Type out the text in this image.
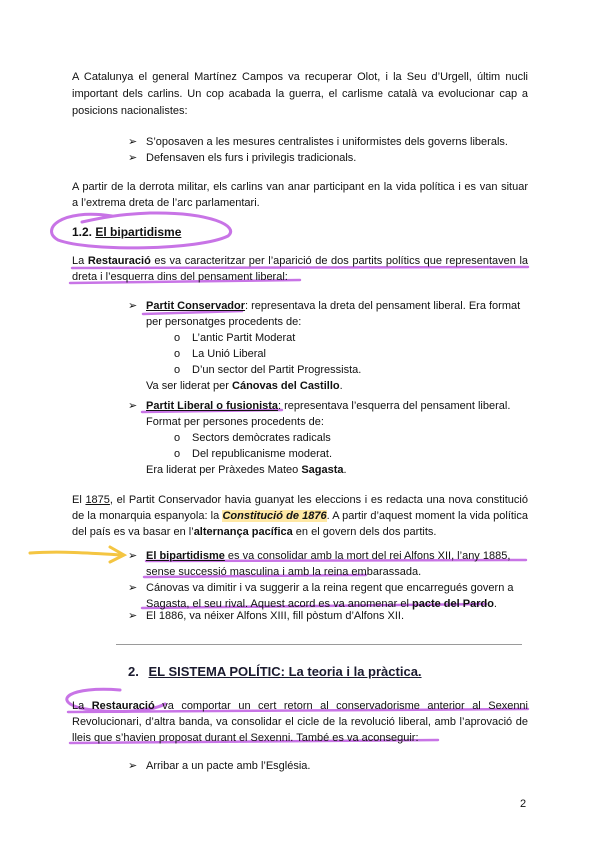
A Catalunya el general Martínez Campos va recuperar Olot, i la Seu d’Urgell, últim nucli
important dels carlins. Un cop acabada la guerra, el carlisme català va evolucionar cap a
posicions nacionalistes:
➢ S’oposaven a les mesures centralistes i uniformistes dels governs liberals.
➢ Defensaven els furs i privilegis tradicionals.
A partir de la derrota militar, els carlins van anar participant en la vida política i es van situar
a l’extrema dreta de l’arc parlamentari.
1.2. El bipartidisme
La Restauració es va caracteritzar per l’aparició de dos partits polítics que representaven la
dreta i l’esquerra dins del pensament liberal:
➢ Partit Conservador: representava la dreta del pensament liberal. Era format
per personatges procedents de:
o L’antic Partit Moderat
o La Unió Liberal
o D’un sector del Partit Progressista.
Va ser liderat per Cánovas del Castillo.
➢ Partit Liberal o fusionista: representava l’esquerra del pensament liberal.
Format per persones procedents de:
o Sectors demòcrates radicals
o Del republicanisme moderat.
Era liderat per Pràxedes Mateo Sagasta.
El 1875, el Partit Conservador havia guanyat les eleccions i es redacta una nova constitució
de la monarquia espanyola: la Constitució de 1876. A partir d’aquest moment la vida política
del país es va basar en l’alternança pacífica en el govern dels dos partits.
➢ El bipartidisme es va consolidar amb la mort del rei Alfons XII, l’any 1885,
sense successió masculina i amb la reina embarassada.
➢ Cánovas va dimitir i va suggerir a la reina regent que encarregués govern a
Sagasta, el seu rival. Aquest acord es va anomenar el pacte del Pardo.
➢ El 1886, va néixer Alfons XIII, fill pòstum d’Alfons XII.
2. EL SISTEMA POLÍTIC: La teoria i la pràctica.
La Restauració va comportar un cert retorn al conservadorisme anterior al Sexenni
Revolucionari, d’altra banda, va consolidar el cicle de la revolució liberal, amb l’aprovació de
lleis que s’havien proposat durant el Sexenni. També es va aconseguir:
➢ Arribar a un pacte amb l’Església.
2
